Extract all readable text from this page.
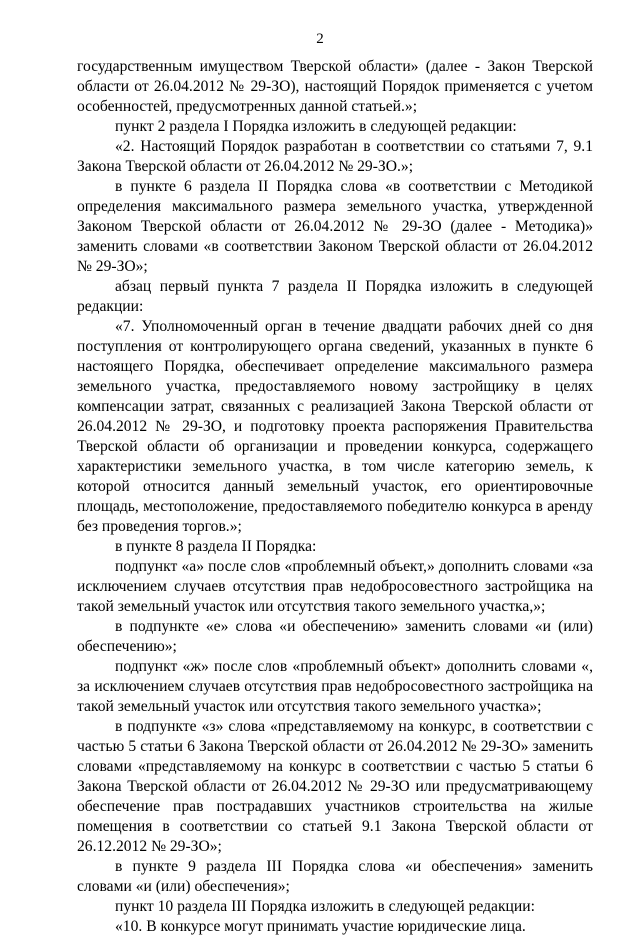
2

государственным имуществом Тверской области» (далее - Закон Тверской области от 26.04.2012 № 29-ЗО), настоящий Порядок применяется с учетом особенностей, предусмотренных данной статьей.»;

пункт 2 раздела I Порядка изложить в следующей редакции:

«2. Настоящий Порядок разработан в соответствии со статьями 7, 9.1 Закона Тверской области от 26.04.2012 № 29-ЗО.»;

в пункте 6 раздела II Порядка слова «в соответствии с Методикой определения максимального размера земельного участка, утвержденной Законом Тверской области от 26.04.2012 № 29-ЗО (далее - Методика)» заменить словами «в соответствии Законом Тверской области от 26.04.2012 № 29-ЗО»;

абзац первый пункта 7 раздела II Порядка изложить в следующей редакции:

«7. Уполномоченный орган в течение двадцати рабочих дней со дня поступления от контролирующего органа сведений, указанных в пункте 6 настоящего Порядка, обеспечивает определение максимального размера земельного участка, предоставляемого новому застройщику в целях компенсации затрат, связанных с реализацией Закона Тверской области от 26.04.2012 № 29-ЗО, и подготовку проекта распоряжения Правительства Тверской области об организации и проведении конкурса, содержащего характеристики земельного участка, в том числе категорию земель, к которой относится данный земельный участок, его ориентировочные площадь, местоположение, предоставляемого победителю конкурса в аренду без проведения торгов.»;

в пункте 8 раздела II Порядка:

подпункт «а» после слов «проблемный объект,» дополнить словами «за исключением случаев отсутствия прав недобросовестного застройщика на такой земельный участок или отсутствия такого земельного участка,»;

в подпункте «е» слова «и обеспечению» заменить словами «и (или) обеспечению»;

подпункт «ж» после слов «проблемный объект» дополнить словами «, за исключением случаев отсутствия прав недобросовестного застройщика на такой земельный участок или отсутствия такого земельного участка»;

в подпункте «з» слова «представляемому на конкурс, в соответствии с частью 5 статьи 6 Закона Тверской области от 26.04.2012 № 29-ЗО» заменить словами «представляемому на конкурс в соответствии с частью 5 статьи 6 Закона Тверской области от 26.04.2012 № 29-ЗО или предусматривающему обеспечение прав пострадавших участников строительства на жилые помещения в соответствии со статьей 9.1 Закона Тверской области от 26.12.2012 № 29-ЗО»;

в пункте 9 раздела III Порядка слова «и обеспечения» заменить словами «и (или) обеспечения»;

пункт 10 раздела III Порядка изложить в следующей редакции:

«10. В конкурсе могут принимать участие юридические лица.
